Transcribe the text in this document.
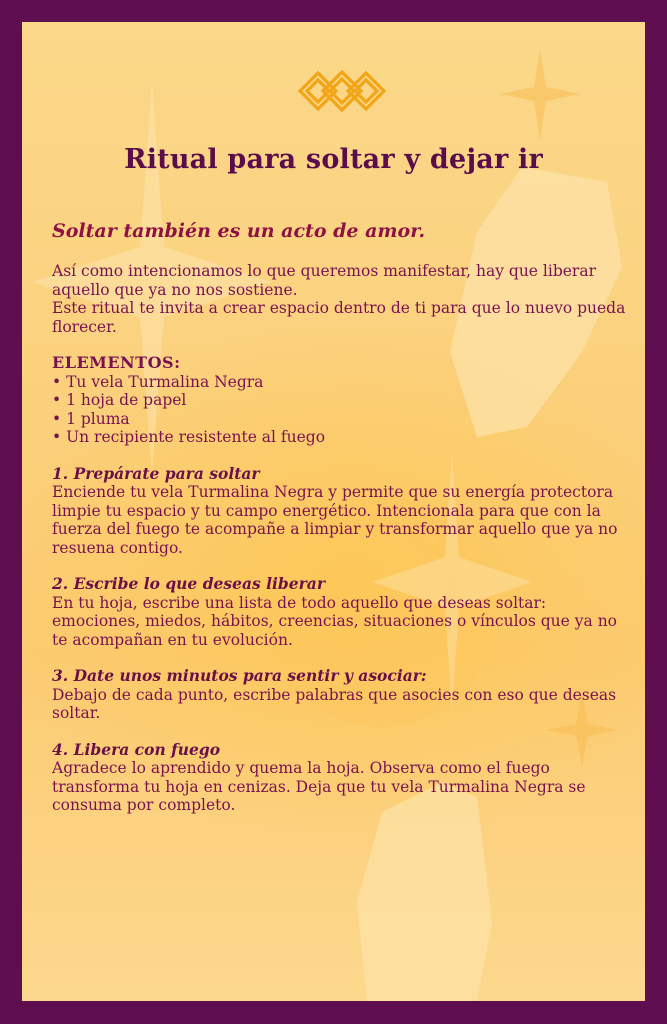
Ritual para soltar y dejar ir

Soltar también es un acto de amor.

Así como intencionamos lo que queremos manifestar, hay que liberar aquello que ya no nos sostiene.

Este ritual te invita a crear espacio dentro de ti para que lo nuevo pueda florecer.

ELEMENTOS:

• Tu vela Turmalina Negra
• 1 hoja de papel
• 1 pluma
• Un recipiente resistente al fuego

1. Prepárate para soltar

Enciende tu vela Turmalina Negra y permite que su energía protectora limpie tu espacio y tu campo energético. Intencionala para que con la fuerza del fuego te acompañe a limpiar y transformar aquello que ya no resuena contigo.

2. Escribe lo que deseas liberar

En tu hoja, escribe una lista de todo aquello que deseas soltar: emociones, miedos, hábitos, creencias, situaciones o vínculos que ya no te acompañan en tu evolución.

3. Date unos minutos para sentir y asociar:

Debajo de cada punto, escribe palabras que asocies con eso que deseas soltar.

4. Libera con fuego

Agradece lo aprendido y quema la hoja. Observa como el fuego transforma tu hoja en cenizas. Deja que tu vela Turmalina Negra se consuma por completo.
